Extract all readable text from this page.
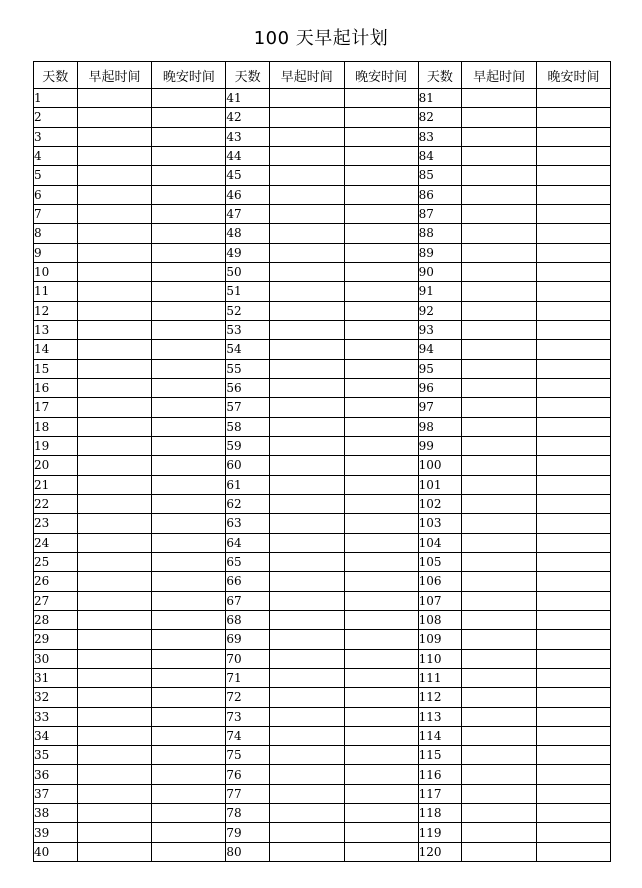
100 天早起计划
天数	早起时间	晚安时间	天数	早起时间	晚安时间	天数	早起时间	晚安时间
1			41			81		
2			42			82		
3			43			83		
4			44			84		
5			45			85		
6			46			86		
7			47			87		
8			48			88		
9			49			89		
10			50			90		
11			51			91		
12			52			92		
13			53			93		
14			54			94		
15			55			95		
16			56			96		
17			57			97		
18			58			98		
19			59			99		
20			60			100		
21			61			101		
22			62			102		
23			63			103		
24			64			104		
25			65			105		
26			66			106		
27			67			107		
28			68			108		
29			69			109		
30			70			110		
31			71			111		
32			72			112		
33			73			113		
34			74			114		
35			75			115		
36			76			116		
37			77			117		
38			78			118		
39			79			119		
40			80			120		
